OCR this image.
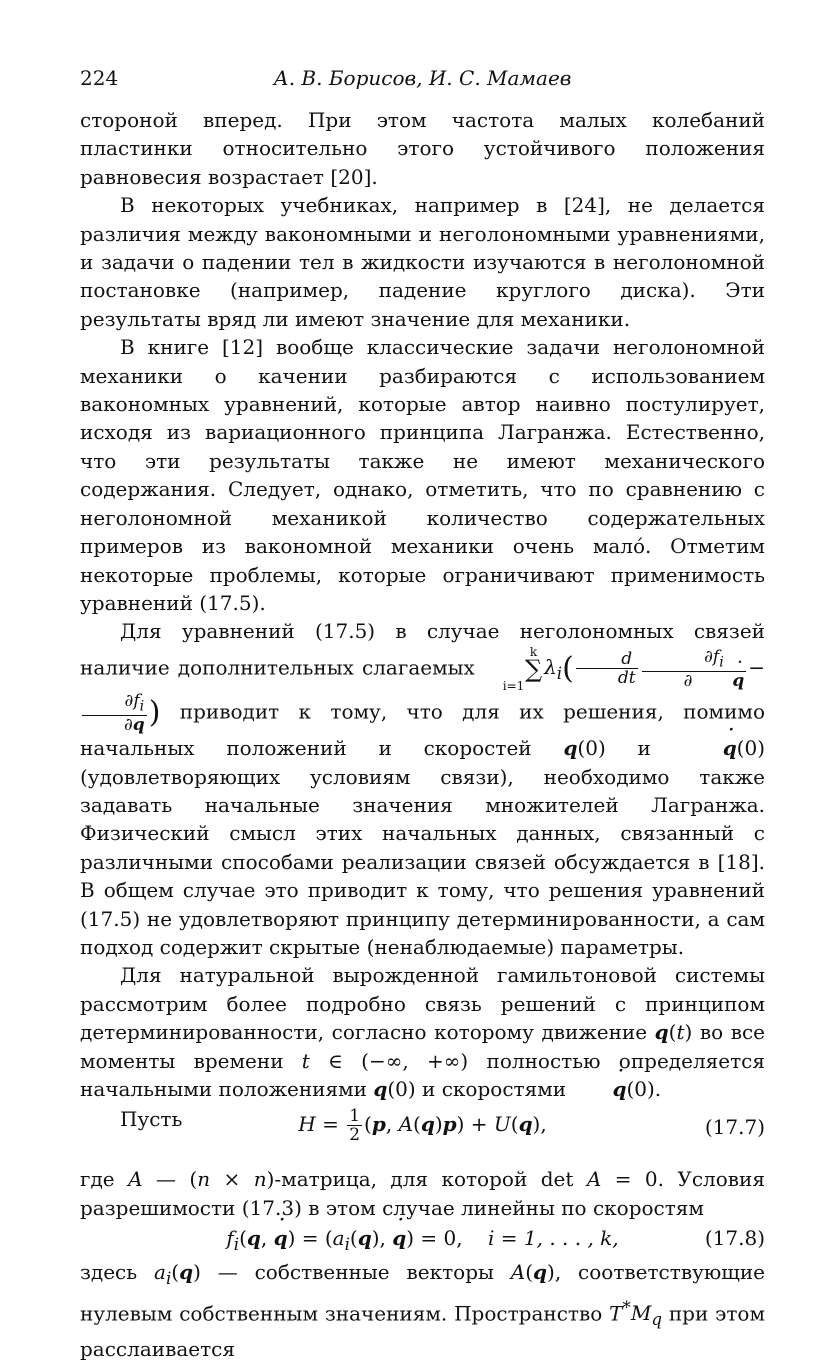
224	А. В. Борисов, И. С. Мамаев

стороной вперед. При этом частота малых колебаний пластинки относительно этого устойчивого положения равновесия возрастает [20].

В некоторых учебниках, например в [24], не делается различия между вакономными и неголономными уравнениями, и задачи о падении тел в жидкости изучаются в неголономной постановке (например, падение круглого диска). Эти результаты вряд ли имеют значение для механики.

В книге [12] вообще классические задачи неголономной механики о качении разбираются с использованием вакономных уравнений, которые автор наивно постулирует, исходя из вариационного принципа Лагранжа. Естественно, что эти результаты также не имеют механического содержания. Следует, однако, отметить, что по сравнению с неголономной механикой количество содержательных примеров из вакономной механики очень мало́. Отметим некоторые проблемы, которые ограничивают применимость уравнений (17.5).

Для уравнений (17.5) в случае неголономных связей наличие дополнительных слагаемых k
∑
$i=1\lambda_i( \frac{d}{dt} \frac{\partial f_i}{\partial q}$ ˙ −
$\frac{\partial f_i}{\partial q}$ ) приводит к тому, что для их решения, помимо начальных положений и скоростей q(0) и q ˙(0) (удовлетворяющих условиям связи), необходимо также задавать начальные значения множителей Лагранжа. Физический смысл этих начальных данных, связанный с различными способами реализации связей обсуждается в [18]. В общем случае это приводит к тому, что решения уравнений (17.5) не удовлетворяют принципу детерминированности, а сам подход содержит скрытые (ненаблюдаемые) параметры.

Для натуральной вырожденной гамильтоновой системы рассмотрим более подробно связь решений с принципом детерминированности, согласно которому движение q(t) во все моменты времени t ∈ (−∞, +∞) полностью определяется начальными положениями q(0) и скоростями q ˙(0).

Пусть	$H = \frac{1}{2} (p$, A(q)p) + U(q),	(17.7)

где A — (n × n)-матрица, для которой det A = 0. Условия разрешимости (17.3) в этом случае линейны по скоростям

$f_i(q$, q ˙) = ($a_i(q)$, q ˙) = 0,    i = 1, . . . , k,	(17.8)

здесь $a_i(q)$ — собственные векторы A(q), соответствующие нулевым собственным значениям. Пространство $T^*M_q$ при этом расслаивается
